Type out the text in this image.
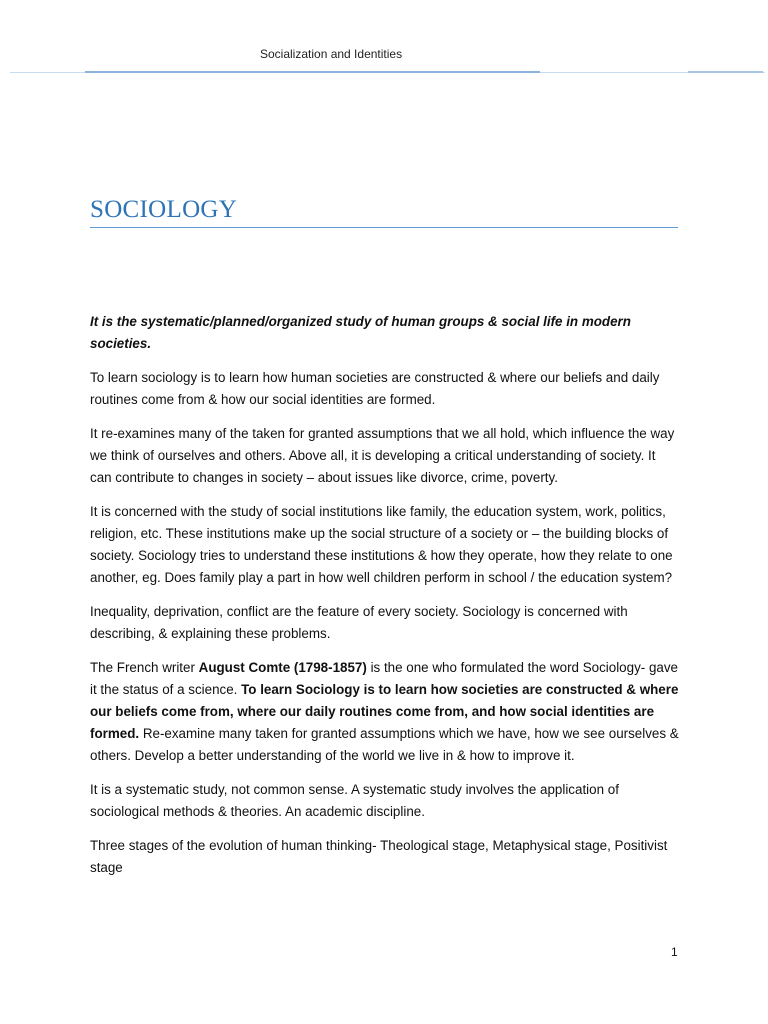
Socialization and Identities
SOCIOLOGY

It is the systematic/planned/organized study of human groups & social life in modern societies.

To learn sociology is to learn how human societies are constructed & where our beliefs and daily routines come from & how our social identities are formed.

It re-examines many of the taken for granted assumptions that we all hold, which influence the way we think of ourselves and others. Above all, it is developing a critical understanding of society. It can contribute to changes in society – about issues like divorce, crime, poverty.

It is concerned with the study of social institutions like family, the education system, work, politics, religion, etc. These institutions make up the social structure of a society or – the building blocks of society. Sociology tries to understand these institutions & how they operate, how they relate to one another, eg. Does family play a part in how well children perform in school / the education system?

Inequality, deprivation, conflict are the feature of every society. Sociology is concerned with describing, & explaining these problems.

The French writer August Comte (1798-1857) is the one who formulated the word Sociology- gave it the status of a science. To learn Sociology is to learn how societies are constructed & where our beliefs come from, where our daily routines come from, and how social identities are formed. Re-examine many taken for granted assumptions which we have, how we see ourselves & others. Develop a better understanding of the world we live in & how to improve it.

It is a systematic study, not common sense. A systematic study involves the application of sociological methods & theories. An academic discipline.

Three stages of the evolution of human thinking- Theological stage, Metaphysical stage, Positivist stage

1
